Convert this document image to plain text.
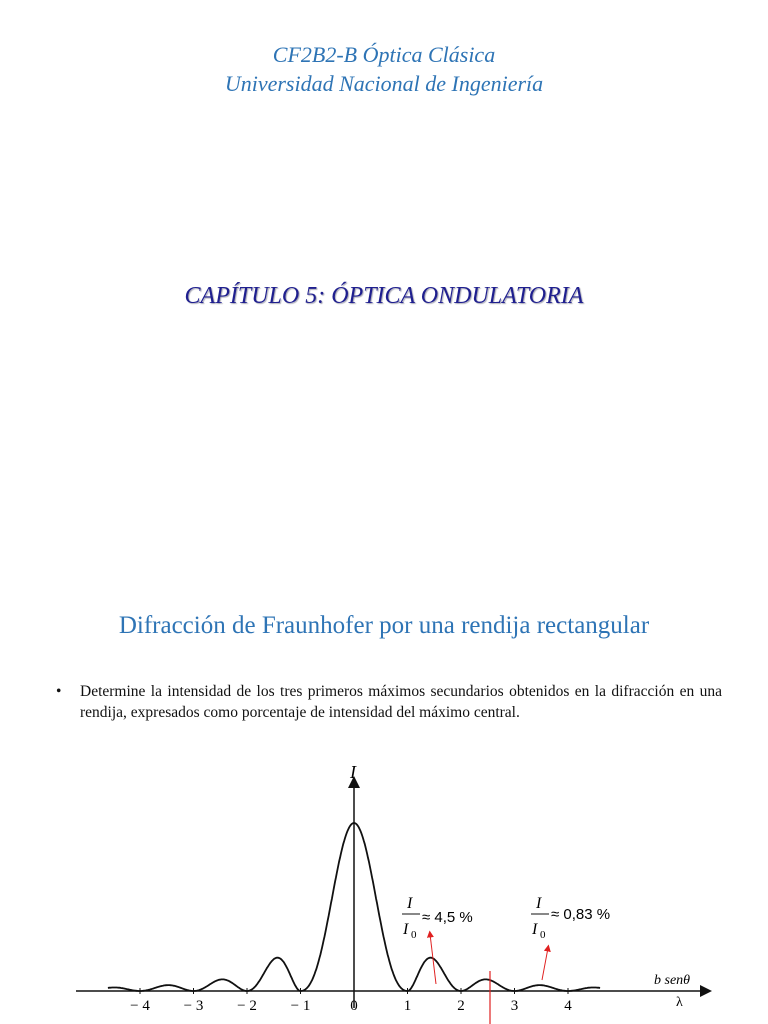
CF2B2-B Óptica Clásica
Universidad Nacional de Ingeniería
CAPÍTULO 5: ÓPTICA ONDULATORIA
Difracción de Fraunhofer por una rendija rectangular
•	Determine la intensidad de los tres primeros máximos secundarios obtenidos en la difracción en una rendija, expresados como porcentaje de intensidad del máximo central.
− 4 − 3 − 2 − 1	0	1	2	3	4
I
b senθ
λ
I
I 0
≈ 4,5 %
I
I 0
≈ 0,83 %
